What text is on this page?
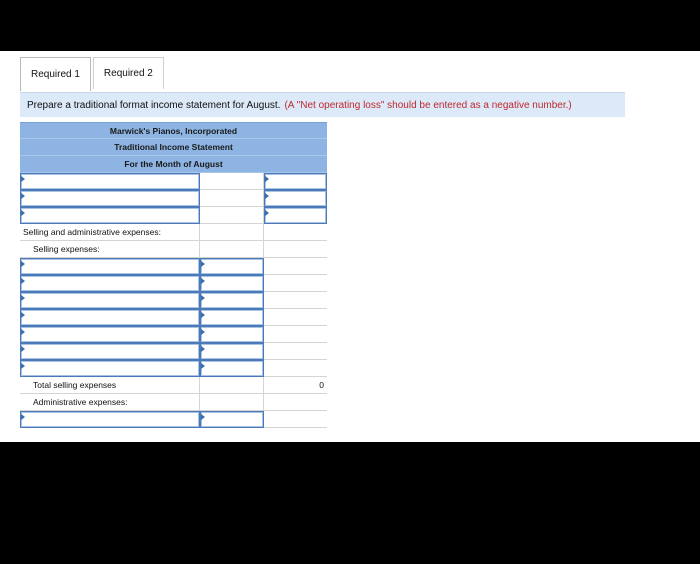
Required 1	Required 2
Prepare a traditional format income statement for August. (A "Net operating loss" should be entered as a negative number.)
Marwick's Pianos, Incorporated
Traditional Income Statement
For the Month of August
Selling and administrative expenses:
Selling expenses:
Total selling expenses	0
Administrative expenses:
